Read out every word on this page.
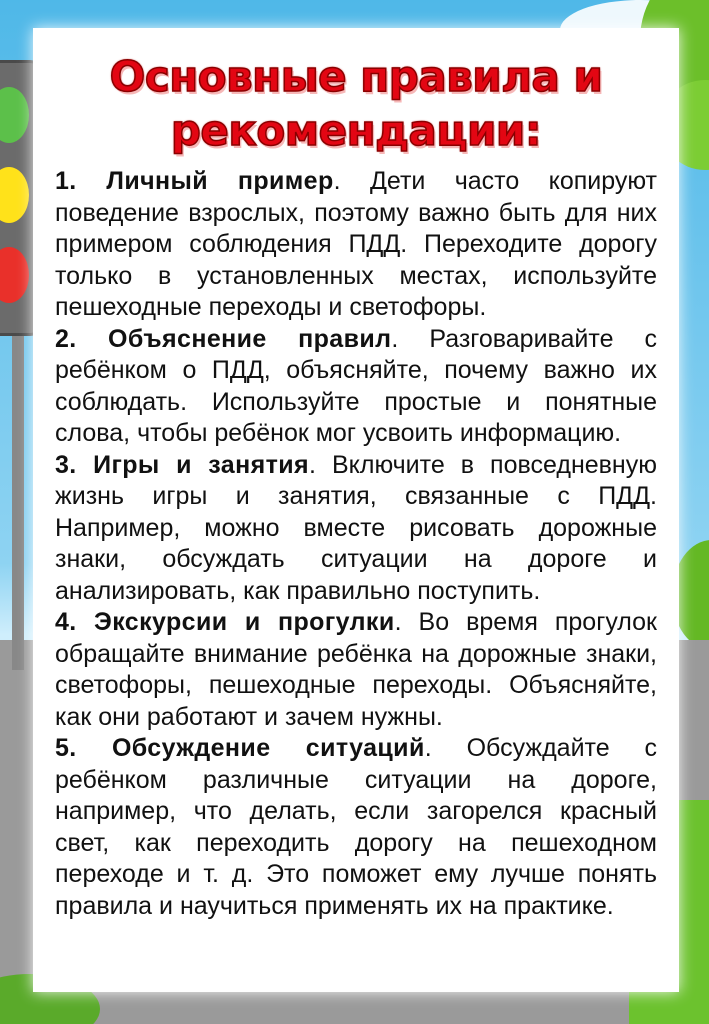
Основные правила и рекомендации:

1. Личный пример. Дети часто копируют поведение взрослых, поэтому важно быть для них примером соблюдения ПДД. Переходите дорогу только в установленных местах, используйте пешеходные переходы и светофоры.

2. Объяснение правил. Разговаривайте с ребёнком о ПДД, объясняйте, почему важно их соблюдать. Используйте простые и понятные слова, чтобы ребёнок мог усвоить информацию.

3. Игры и занятия. Включите в повседневную жизнь игры и занятия, связанные с ПДД. Например, можно вместе рисовать дорожные знаки, обсуждать ситуации на дороге и анализировать, как правильно поступить.

4. Экскурсии и прогулки. Во время прогулок обращайте внимание ребёнка на дорожные знаки, светофоры, пешеходные переходы. Объясняйте, как они работают и зачем нужны.

5. Обсуждение ситуаций. Обсуждайте с ребёнком различные ситуации на дороге, например, что делать, если загорелся красный свет, как переходить дорогу на пешеходном переходе и т. д. Это поможет ему лучше понять правила и научиться применять их на практике.
